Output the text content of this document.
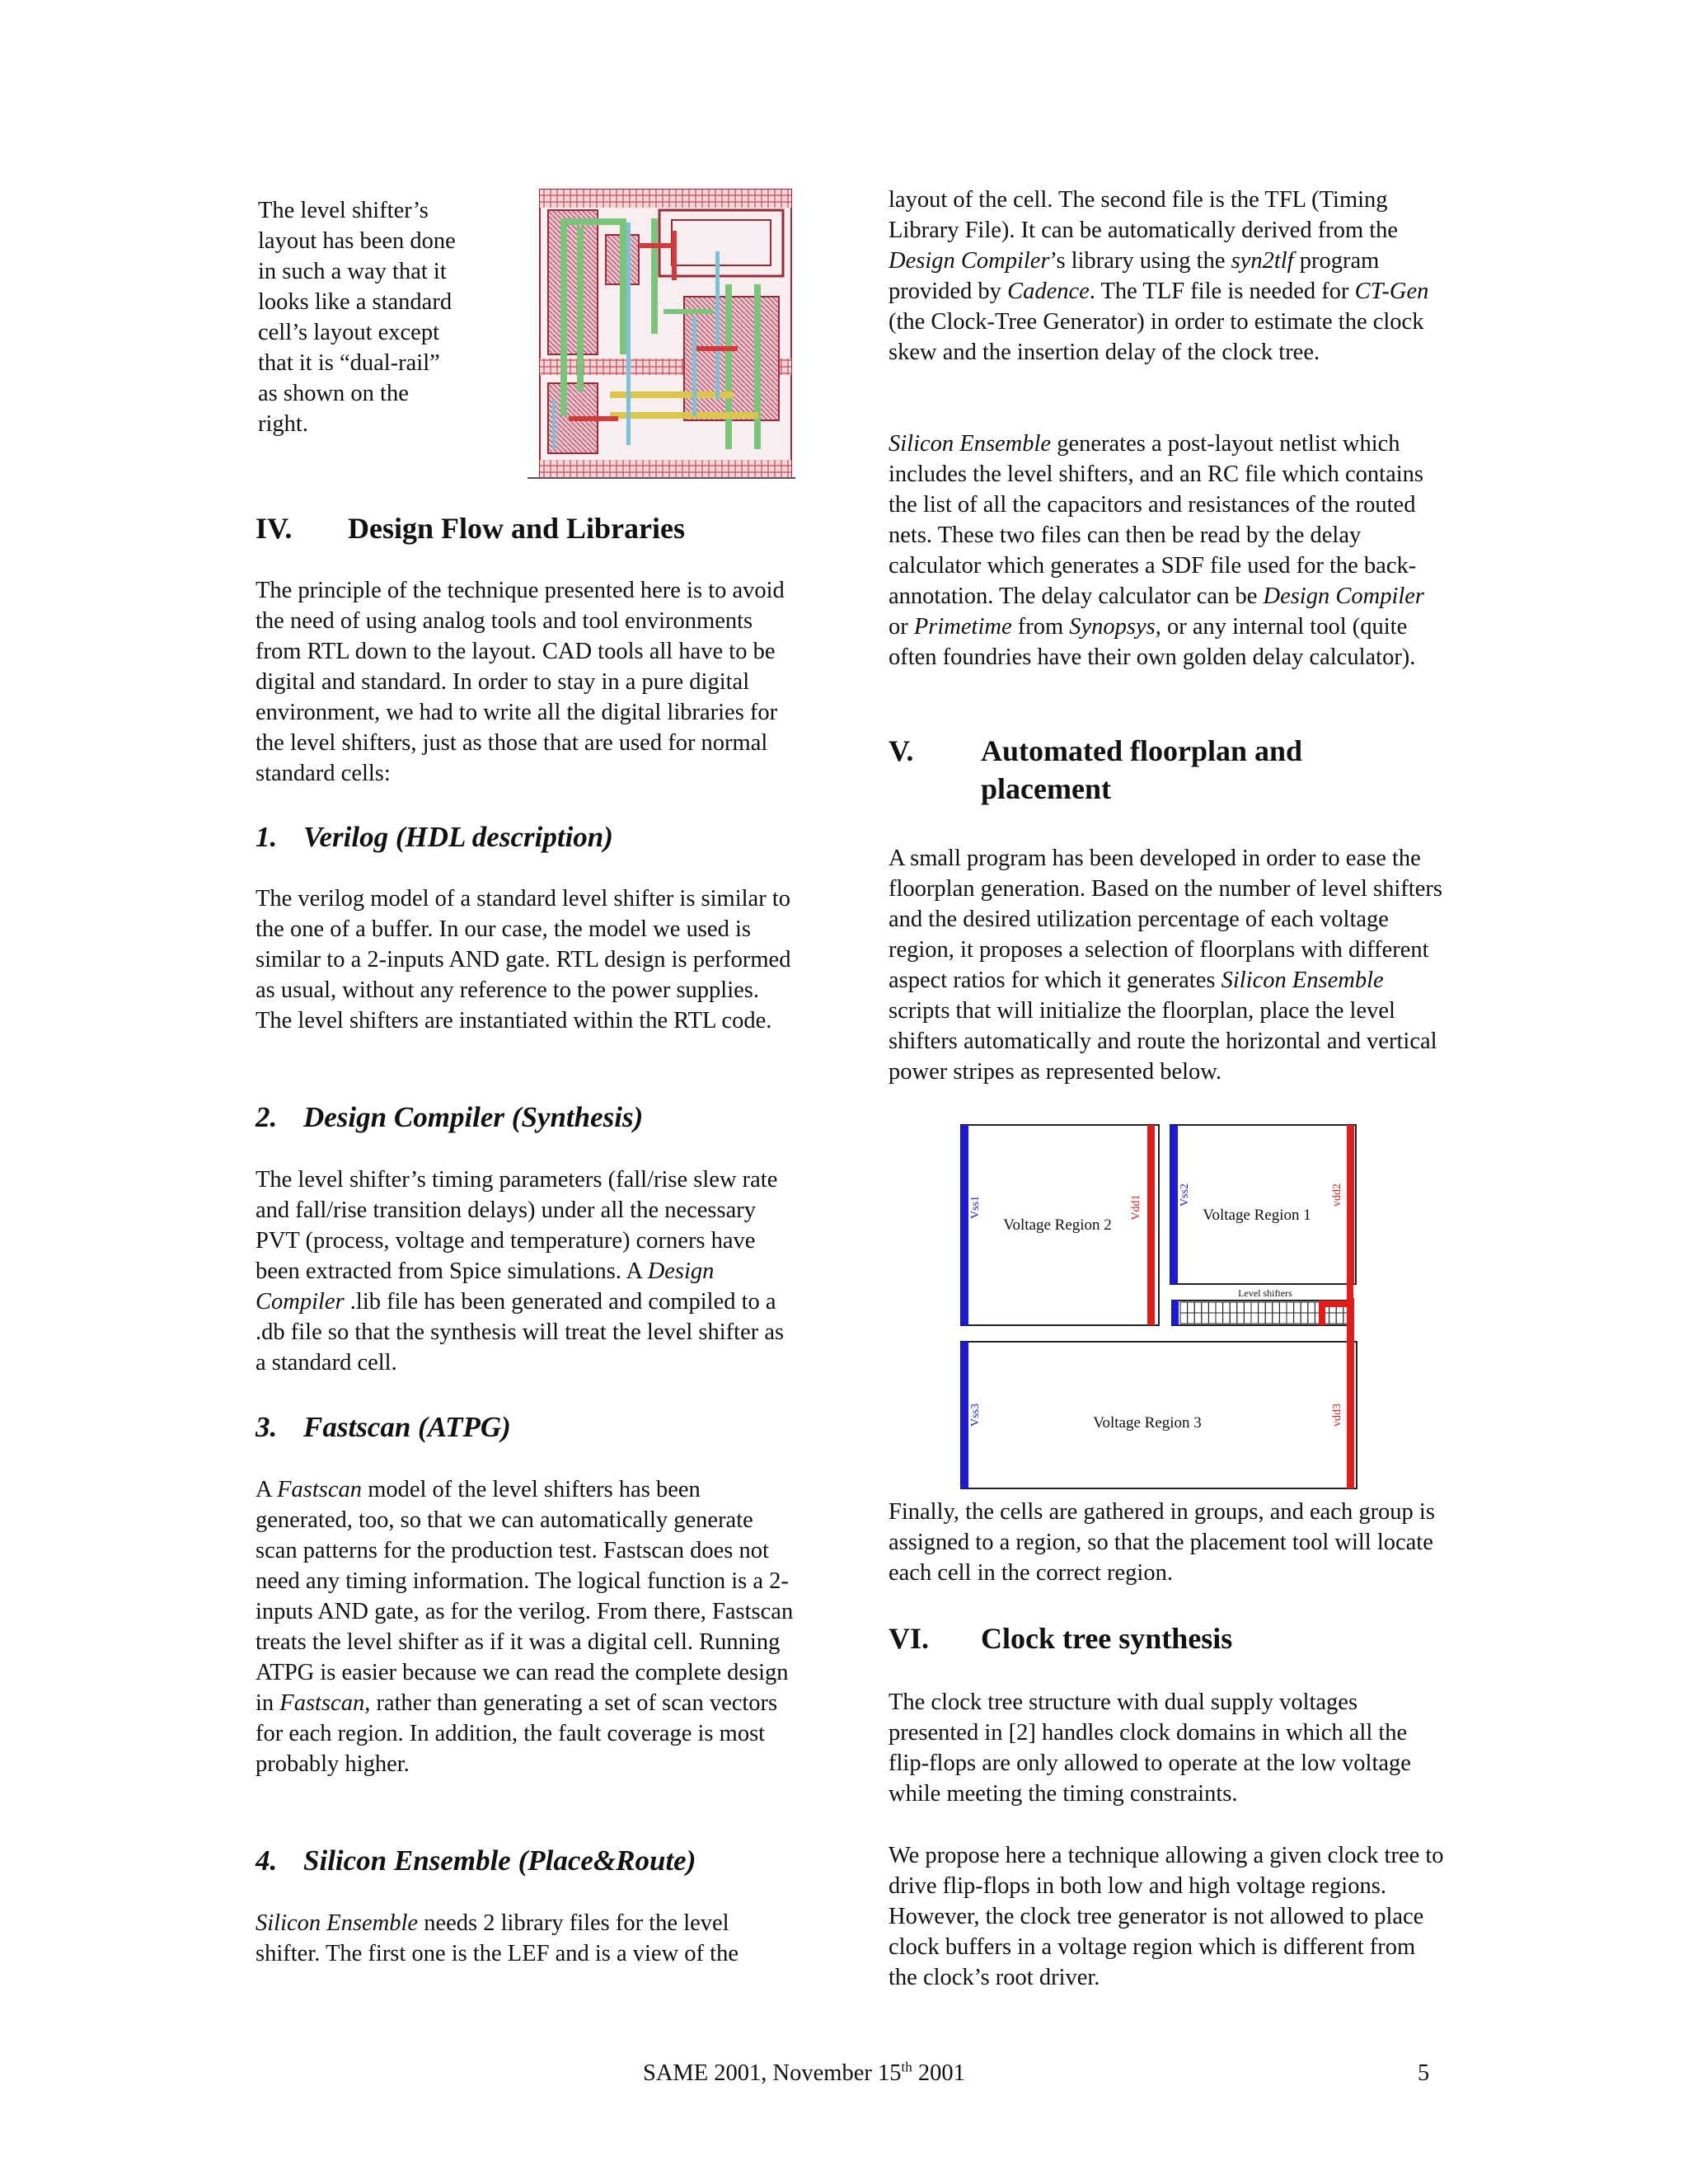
The level shifter’s
layout has been done
in such a way that it
looks like a standard
cell’s layout except
that it is “dual-rail”
as shown on the
right.
IV. Design Flow and Libraries

The principle of the technique presented here is to avoid the need of using analog tools and tool environments from RTL down to the layout. CAD tools all have to be digital and standard. In order to stay in a pure digital environment, we had to write all the digital libraries for the level shifters, just as those that are used for normal standard cells:

1. Verilog (HDL description)

The verilog model of a standard level shifter is similar to the one of a buffer. In our case, the model we used is similar to a 2-inputs AND gate. RTL design is performed as usual, without any reference to the power supplies. The level shifters are instantiated within the RTL code.

2. Design Compiler (Synthesis)

The level shifter’s timing parameters (fall/rise slew rate and fall/rise transition delays) under all the necessary PVT (process, voltage and temperature) corners have been extracted from Spice simulations. A Design Compiler .lib file has been generated and compiled to a .db file so that the synthesis will treat the level shifter as a standard cell.

3. Fastscan (ATPG)

A Fastscan model of the level shifters has been generated, too, so that we can automatically generate scan patterns for the production test. Fastscan does not need any timing information. The logical function is a 2-inputs AND gate, as for the verilog. From there, Fastscan treats the level shifter as if it was a digital cell. Running ATPG is easier because we can read the complete design in Fastscan, rather than generating a set of scan vectors for each region. In addition, the fault coverage is most probably higher.

4. Silicon Ensemble (Place&Route)

Silicon Ensemble needs 2 library files for the level shifter. The first one is the LEF and is a view of the

layout of the cell. The second file is the TFL (Timing Library File). It can be automatically derived from the Design Compiler’s library using the syn2tlf program provided by Cadence. The TLF file is needed for CT-Gen (the Clock-Tree Generator) in order to estimate the clock skew and the insertion delay of the clock tree.

Silicon Ensemble generates a post-layout netlist which includes the level shifters, and an RC file which contains the list of all the capacitors and resistances of the routed nets. These two files can then be read by the delay calculator which generates a SDF file used for the back-annotation. The delay calculator can be Design Compiler or Primetime from Synopsys, or any internal tool (quite often foundries have their own golden delay calculator).

V. Automated floorplan and placement

A small program has been developed in order to ease the floorplan generation. Based on the number of level shifters and the desired utilization percentage of each voltage region, it proposes a selection of floorplans with different aspect ratios for which it generates Silicon Ensemble scripts that will initialize the floorplan, place the level shifters automatically and route the horizontal and vertical power stripes as represented below.

Finally, the cells are gathered in groups, and each group is assigned to a region, so that the placement tool will locate each cell in the correct region.

VI. Clock tree synthesis

The clock tree structure with dual supply voltages presented in [2] handles clock domains in which all the flip-flops are only allowed to operate at the low voltage while meeting the timing constraints.

We propose here a technique allowing a given clock tree to drive flip-flops in both low and high voltage regions. However, the clock tree generator is not allowed to place clock buffers in a voltage region which is different from the clock’s root driver.

Vss1	Vdd1
Voltage Region 2
Vss2	vdd2
Voltage Region 1
Level shifters
Vss3	vdd3
Voltage Region 3
SAME 2001, November 15th 2001	5
